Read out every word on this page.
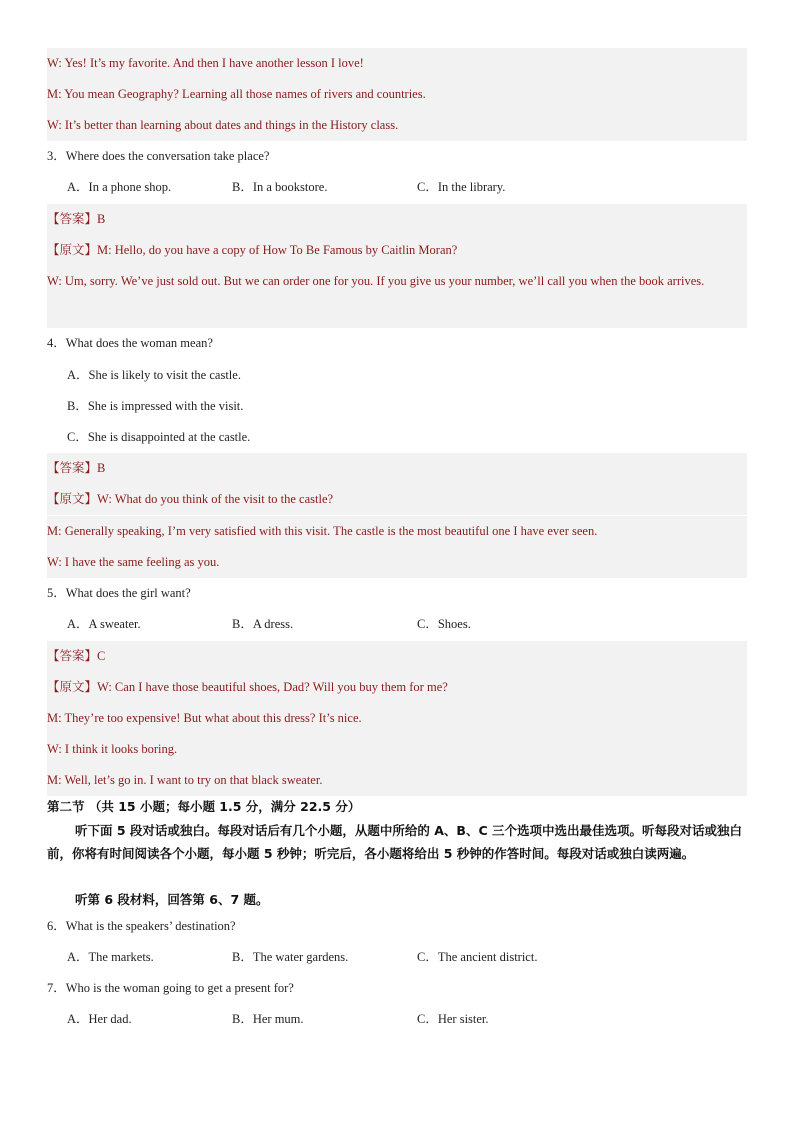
W: Yes! It’s my favorite. And then I have another lesson I love!
M: You mean Geography? Learning all those names of rivers and countries.
W: It’s better than learning about dates and things in the History class.
3．Where does the conversation take place?
A．In a phone shop.	B．In a bookstore.	C．In the library.
【答案】B
【原文】M: Hello, do you have a copy of How To Be Famous by Caitlin Moran?
W: Um, sorry. We’ve just sold out. But we can order one for you. If you give us your number, we’ll call you when the book arrives.
4．What does the woman mean?
A．She is likely to visit the castle.
B．She is impressed with the visit.
C．She is disappointed at the castle.
【答案】B
【原文】W: What do you think of the visit to the castle?
M: Generally speaking, I’m very satisfied with this visit. The castle is the most beautiful one I have ever seen.
W: I have the same feeling as you.
5．What does the girl want?
A．A sweater.	B．A dress.	C．Shoes.
【答案】C
【原文】W: Can I have those beautiful shoes, Dad? Will you buy them for me?
M: They’re too expensive! But what about this dress? It’s nice.
W: I think it looks boring.
M: Well, let’s go in. I want to try on that black sweater.
第二节 （共 15 小题；每小题 1.5 分，满分 22.5 分）
听下面 5 段对话或独白。每段对话后有几个小题，从题中所给的 A、B、C 三个选项中选出最佳选项。听每段对话或独白前，你将有时间阅读各个小题，每小题 5 秒钟；听完后，各小题将给出 5 秒钟的作答时间。每段对话或独白读两遍。
听第 6 段材料，回答第 6、7 题。
6．What is the speakers’ destination?
A．The markets.	B．The water gardens.	C．The ancient district.
7．Who is the woman going to get a present for?
A．Her dad.	B．Her mum.	C．Her sister.
